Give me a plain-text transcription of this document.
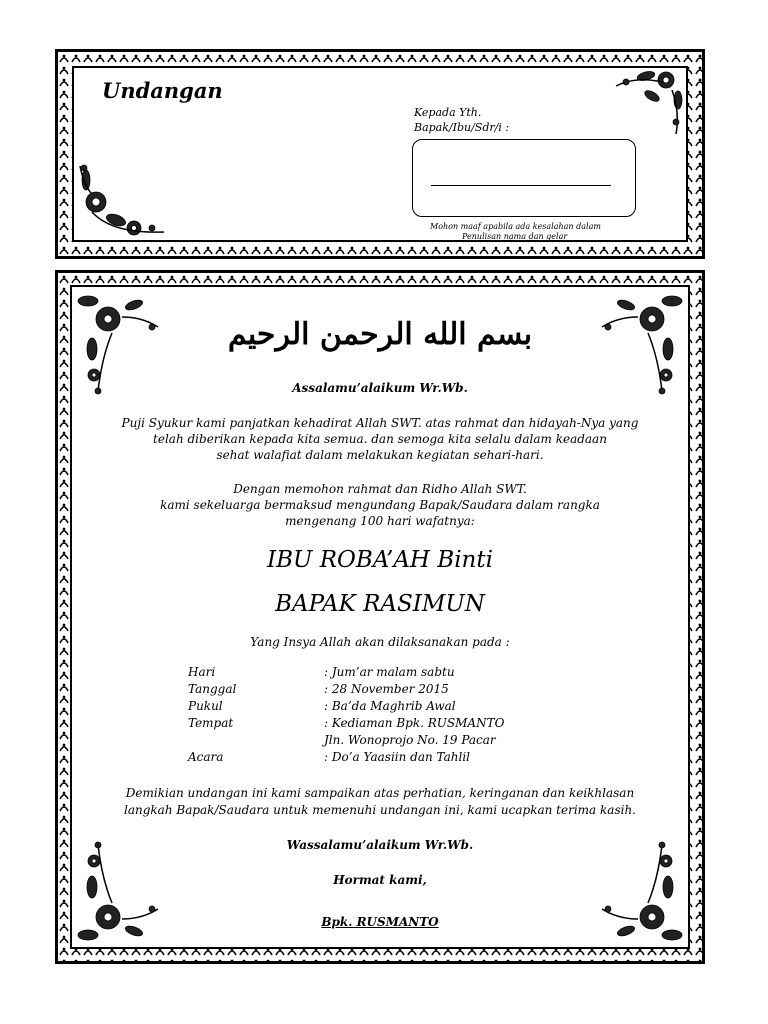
Undangan
Kepada Yth.
Bapak/Ibu/Sdr/i :
Mohon maaf apabila ada kesalahan dalam
Penulisan nama dan gelar
بسم الله الرحمن الرحيم
Assalamu’alaikum Wr.Wb.
Puji Syukur kami panjatkan kehadirat Allah SWT. atas rahmat dan hidayah-Nya yang
telah diberikan kepada kita semua. dan semoga kita selalu dalam keadaan
sehat walafiat dalam melakukan kegiatan sehari-hari.
Dengan memohon rahmat dan Ridho Allah SWT.
kami sekeluarga bermaksud mengundang Bapak/Saudara dalam rangka
mengenang 100 hari wafatnya:
IBU ROBA’AH Binti
BAPAK RASIMUN
Yang Insya Allah akan dilaksanakan pada :
Hari	: Jum’ar malam sabtu
Tanggal	: 28 November 2015
Pukul	: Ba’da Maghrib Awal
Tempat	: Kediaman Bpk. RUSMANTO
Jln. Wonoprojo No. 19 Pacar
Acara	: Do’a Yaasiin dan Tahlil
Demikian undangan ini kami sampaikan atas perhatian, keringanan dan keikhlasan
langkah Bapak/Saudara untuk memenuhi undangan ini, kami ucapkan terima kasih.
Wassalamu’alaikum Wr.Wb.
Hormat kami,
Bpk. RUSMANTO
